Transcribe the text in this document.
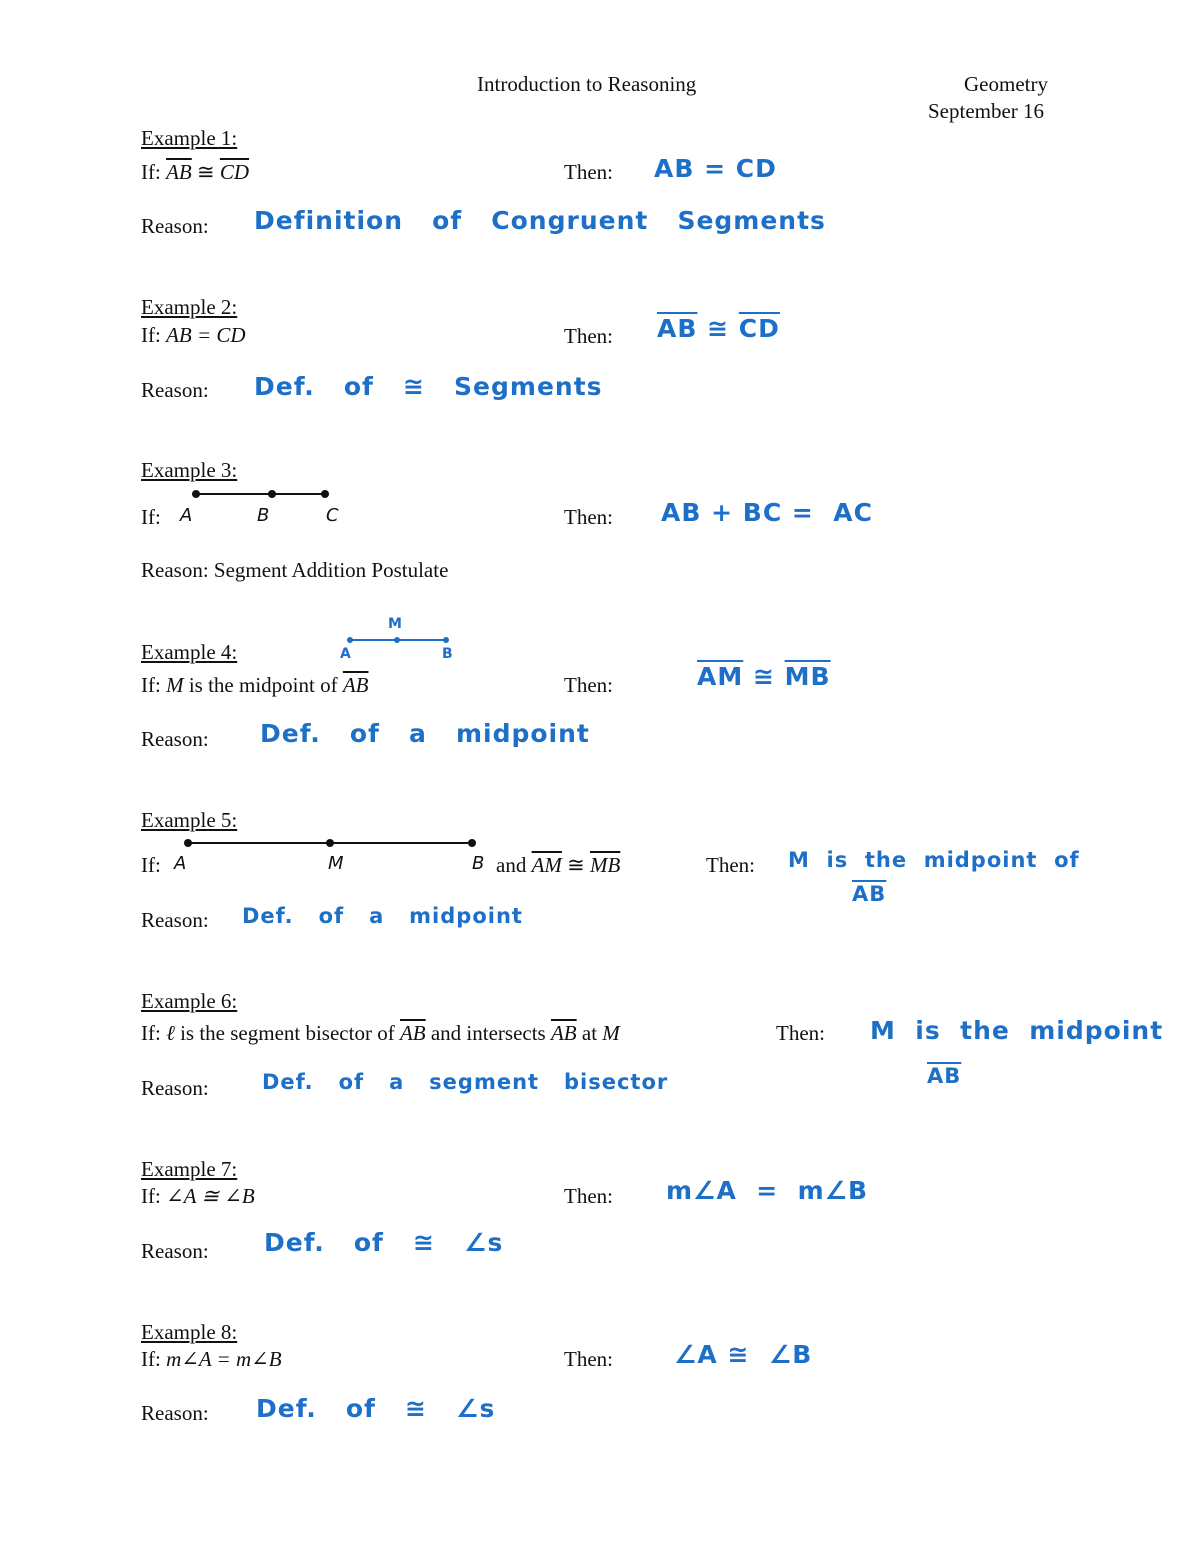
Introduction to Reasoning	Geometry
September 16
Example 1:
If: $\overline{AB}$ ≅ $\overline{CD}$	Then: AB = CD
Reason: Definition   of   Congruent   Segments
Example 2:
If: AB = CD	Then: $\overline{AB}$ ≅ $\overline{CD}$
Reason: Def.   of   ≅   Segments
Example 3:
If: A	B	C	Then: AB + BC =  AC
Reason: Segment Addition Postulate
Example 4:
M
A	B
If: M is the midpoint of $\overline{AB}$	Then:	$\overline{AM}$ ≅ $\overline{MB}$
Reason: Def.   of   a   midpoint
Example 5:
If: A	M	B and $\overline{AM}$ ≅ $\overline{MB}$	Then: M  is  the  midpoint  of
$\overline{AB}$
Reason: Def.   of   a   midpoint
Example 6:
If: ℓ is the segment bisector of $\overline{AB}$ and intersects $\overline{AB}$ at M	Then: M  is  the  midpoint
$\overline{AB}$
Reason:	Def.   of   a   segment   bisector
Example 7:
If: ∠A ≅ ∠B	Then: m∠A  =  m∠B
Reason: Def.   of   ≅   ∠s
Example 8:
If: m∠A = m∠B	Then: ∠A ≅  ∠B
Reason: Def.   of   ≅   ∠s
